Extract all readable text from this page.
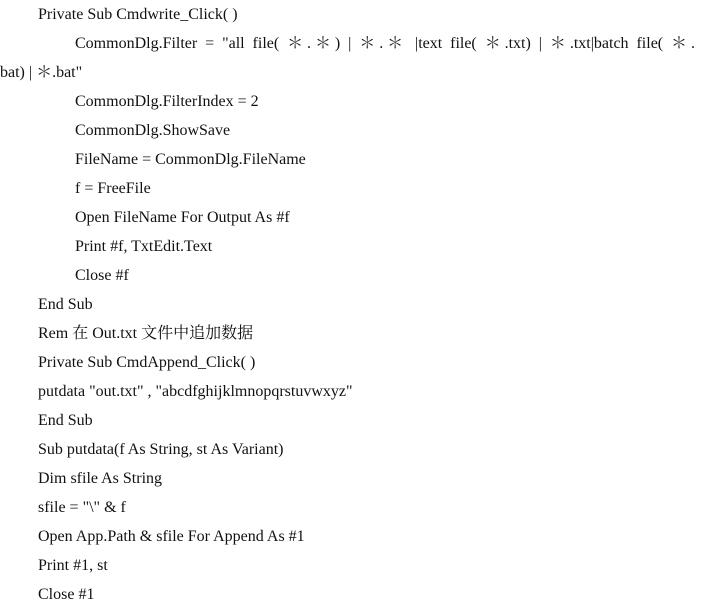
Private Sub Cmdwrite_Click( )
CommonDlg.Filter = "all file( ＊.＊) | ＊.＊ |text file( ＊.txt) | ＊.txt|batch file( ＊.
bat) | ＊.bat"
CommonDlg.FilterIndex = 2
CommonDlg.ShowSave
FileName = CommonDlg.FileName
f = FreeFile
Open FileName For Output As #f
Print #f, TxtEdit.Text
Close #f
End Sub
Rem 在 Out.txt 文件中追加数据
Private Sub CmdAppend_Click( )
putdata "out.txt" , "abcdfghijklmnopqrstuvwxyz"
End Sub
Sub putdata(f As String, st As Variant)
Dim sfile As String
sfile = "\" & f
Open App.Path & sfile For Append As #1
Print #1, st
Close #1
